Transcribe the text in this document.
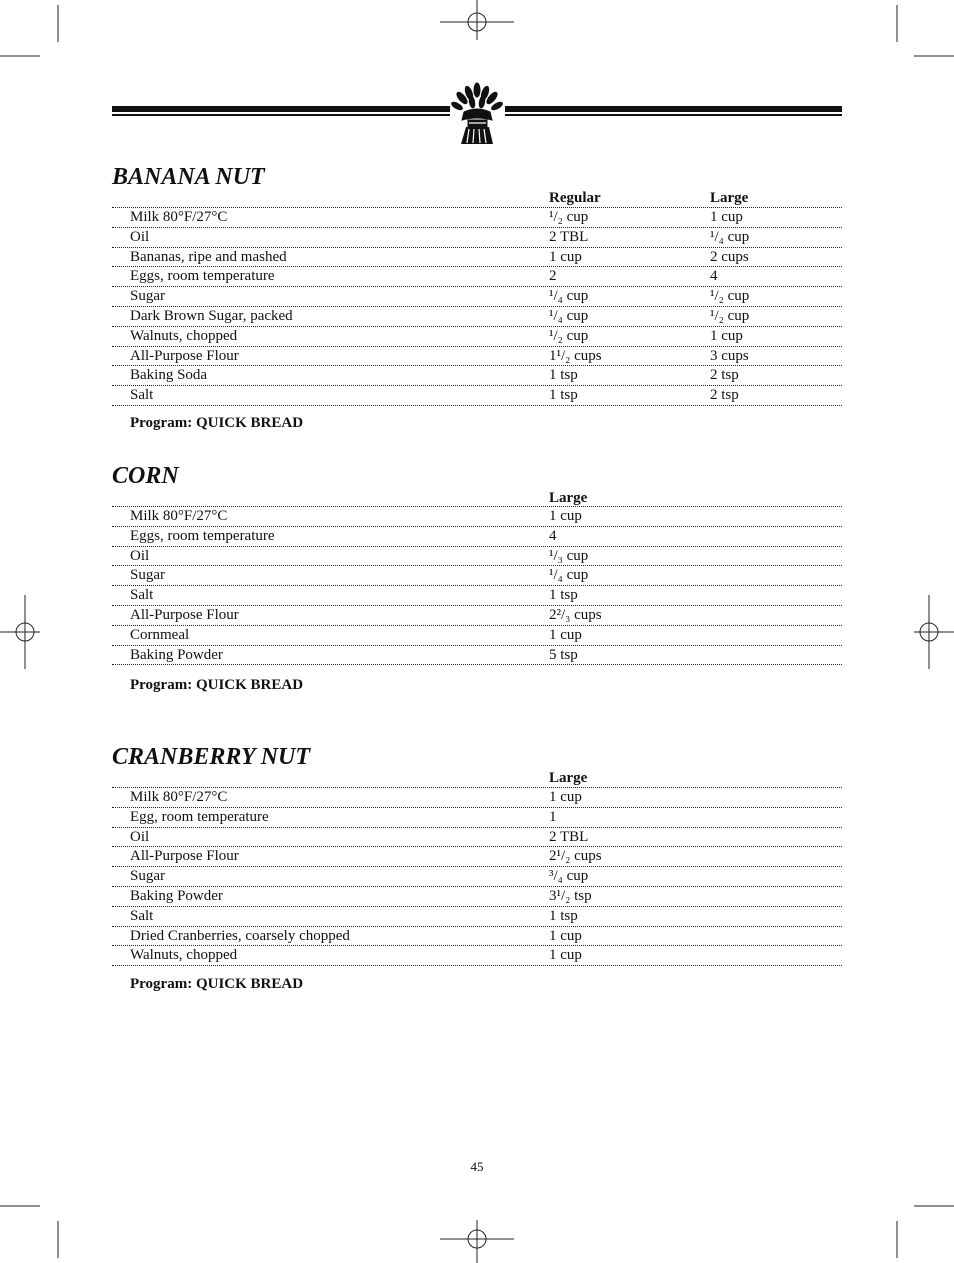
BANANA NUT
Regular	Large
Milk 80°F/27°C	¹/₂ cup	1 cup
Oil	2 TBL	¹/₄ cup
Bananas, ripe and mashed	1 cup	2 cups
Eggs, room temperature	2	4
Sugar	¹/₄ cup	¹/₂ cup
Dark Brown Sugar, packed	¹/₄ cup	¹/₂ cup
Walnuts, chopped	¹/₂ cup	1 cup
All-Purpose Flour	1¹/₂ cups	3 cups
Baking Soda	1 tsp	2 tsp
Salt	1 tsp	2 tsp
Program: QUICK BREAD
CORN
Large
Milk 80°F/27°C	1 cup
Eggs, room temperature	4
Oil	¹/₃ cup
Sugar	¹/₄ cup
Salt	1 tsp
All-Purpose Flour	2²/₃ cups
Cornmeal	1 cup
Baking Powder	5 tsp
Program: QUICK BREAD
CRANBERRY NUT
Large
Milk 80°F/27°C	1 cup
Egg, room temperature	1
Oil	2 TBL
All-Purpose Flour	2¹/₂ cups
Sugar	³/₄ cup
Baking Powder	3¹/₂ tsp
Salt	1 tsp
Dried Cranberries, coarsely chopped	1 cup
Walnuts, chopped	1 cup
Program: QUICK BREAD
45
